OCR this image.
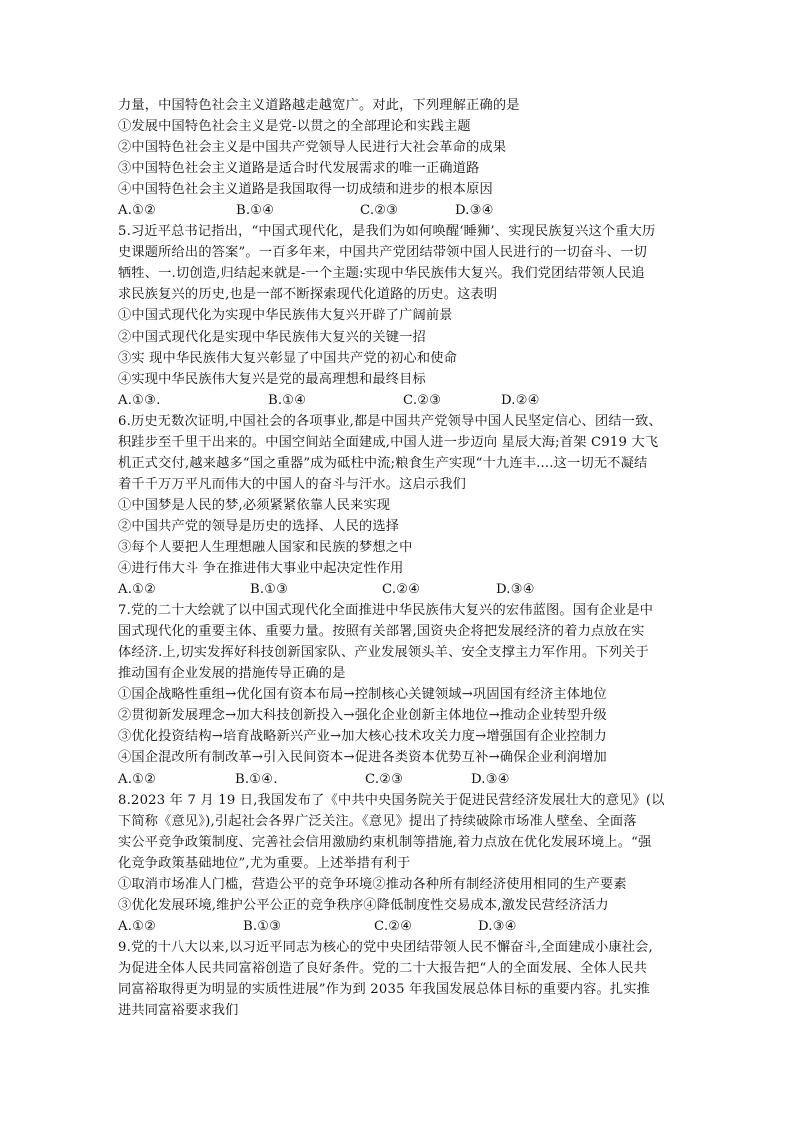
力量，中国特色社会主义道路越走越宽广。对此，下列理解正确的是
①发展中国特色社会主义是党-以贯之的全部理论和实践主题
②中国特色社会主义是中国共产党领导人民进行大社会革命的成果
③中国特色社会主义道路是适合时代发展需求的唯一正确道路
④中国特色社会主义道路是我国取得一切成绩和进步的根本原因
A.①②	B.①④	C.②③	D.③④
5.习近平总书记指出，“中国式现代化，是我们为如何唤醒‘睡狮’、实现民族复兴这个重大历
史课题所给出的答案”。一百多年来，中国共产党团结带领中国人民进行的一切奋斗、一切
牺牲、一.切创造,归结起来就是-一个主题:实现中华民族伟大复兴。我们党团结带领人民追
求民族复兴的历史,也是一部不断探索现代化道路的历史。这表明
①中国式现代化为实现中华民族伟大复兴开辟了广阔前景
②中国式现代化是实现中华民族伟大复兴的关键一招
③实 现中华民族伟大复兴彰显了中国共产党的初心和使命
④实现中华民族伟大复兴是党的最高理想和最终目标
A.①③.	B.①④	C.②③	D.②④
6.历史无数次证明,中国社会的各项事业,都是中国共产党领导中国人民坚定信心、团结一致、
积跬步至千里干出来的。中国空间站全面建成,中国人进一步迈向 星辰大海;首架 C919 大飞
机正式交付,越来越多“国之重器”成为砥柱中流;粮食生产实现“十九连丰....这一切无不凝结
着千千万万平凡而伟大的中国人的奋斗与汗水。这启示我们
①中国梦是人民的梦,必须紧紧依靠人民来实现
②中国共产党的领导是历史的选择、人民的选择
③每个人要把人生理想融人国家和民族的梦想之中
④进行伟大斗 争在推进伟大事业中起决定性作用
A.①②	B.①③	C.②④	D.③④
7.党的二十大绘就了以中国式现代化全面推进中华民族伟大复兴的宏伟蓝图。国有企业是中
国式现代化的重要主体、重要力量。按照有关部署,国资央企将把发展经济的着力点放在实
体经济.上,切实发挥好科技创新国家队、产业发展领头羊、安全支撑主力军作用。下列关于
推动国有企业发展的措施传导正确的是
①国企战略性重组→优化国有资本布局→控制核心关键领域→巩固国有经济主体地位
②贯彻新发展理念→加大科技创新投入→强化企业创新主体地位→推动企业转型升级
③优化投资结构→培育战略新兴产业→加大核心技术攻关力度→增强国有企业控制力
④国企混改所有制改革→引入民间资本→促进各类资本优势互补→确保企业利润增加
A.①②	B.①④.	C.②③	D.③④
8.2023 年 7 月 19 日,我国发布了《中共中央国务院关于促进民营经济发展壮大的意见》(以
下简称《意见》),引起社会各界广泛关注。《意见》提出了持续破除市场准人壁垒、全面落
实公平竞争政策制度、完善社会信用激励约束机制等措施,着力点放在优化发展环境上。“强
化竞争政策基础地位”,尤为重要。上述举措有利于
①取消市场准人门槛，营造公平的竞争环境②推动各种所有制经济使用相同的生产要素
③优化发展环境,维护公平公正的竞争秩序④降低制度性交易成本,激发民营经济活力
A.①②	B.①③	C.②④	D.③④
9.党的十八大以来,以习近平同志为核心的党中央团结带领人民不懈奋斗,全面建成小康社会,
为促进全体人民共同富裕创造了良好条件。党的二十大报告把“人的全面发展、全体人民共
同富裕取得更为明显的实质性进展”作为到 2035 年我国发展总体目标的重要内容。扎实推
进共同富裕要求我们
